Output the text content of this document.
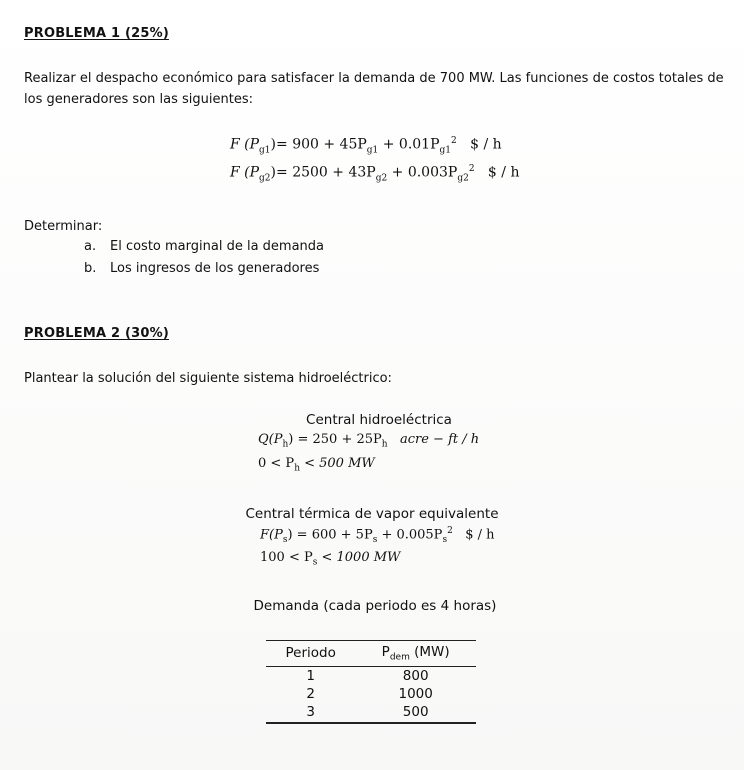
PROBLEMA 1 (25%)
Realizar el despacho económico para satisfacer la demanda de 700 MW. Las funciones de costos totales de los generadores son las siguientes:
F $(P_{g1})= 900 + 45P_{g1} + 0.01P_{g1}^2$ $ / h
F $(P_{g2})= 2500 + 43P_{g2} + 0.003P_{g2}^2$ $ / h
Determinar:
a.	El costo marginal de la demanda
b.	Los ingresos de los generadores
PROBLEMA 2 (30%)
Plantear la solución del siguiente sistema hidroeléctrico:
Central hidroeléctrica
$Q(P_h) = 250 + 25P_h$ acre − ft / h
$0 < P_h < 500$ MW
Central térmica de vapor equivalente
$F(P_s) = 600 + 5P_s + 0.005P_s^2$ $ / h
$100 < P_s < 1000$ MW
Demanda (cada periodo es 4 horas)
Periodo	$P_{dem}$ (MW)
1	800
2	1000
3	500
